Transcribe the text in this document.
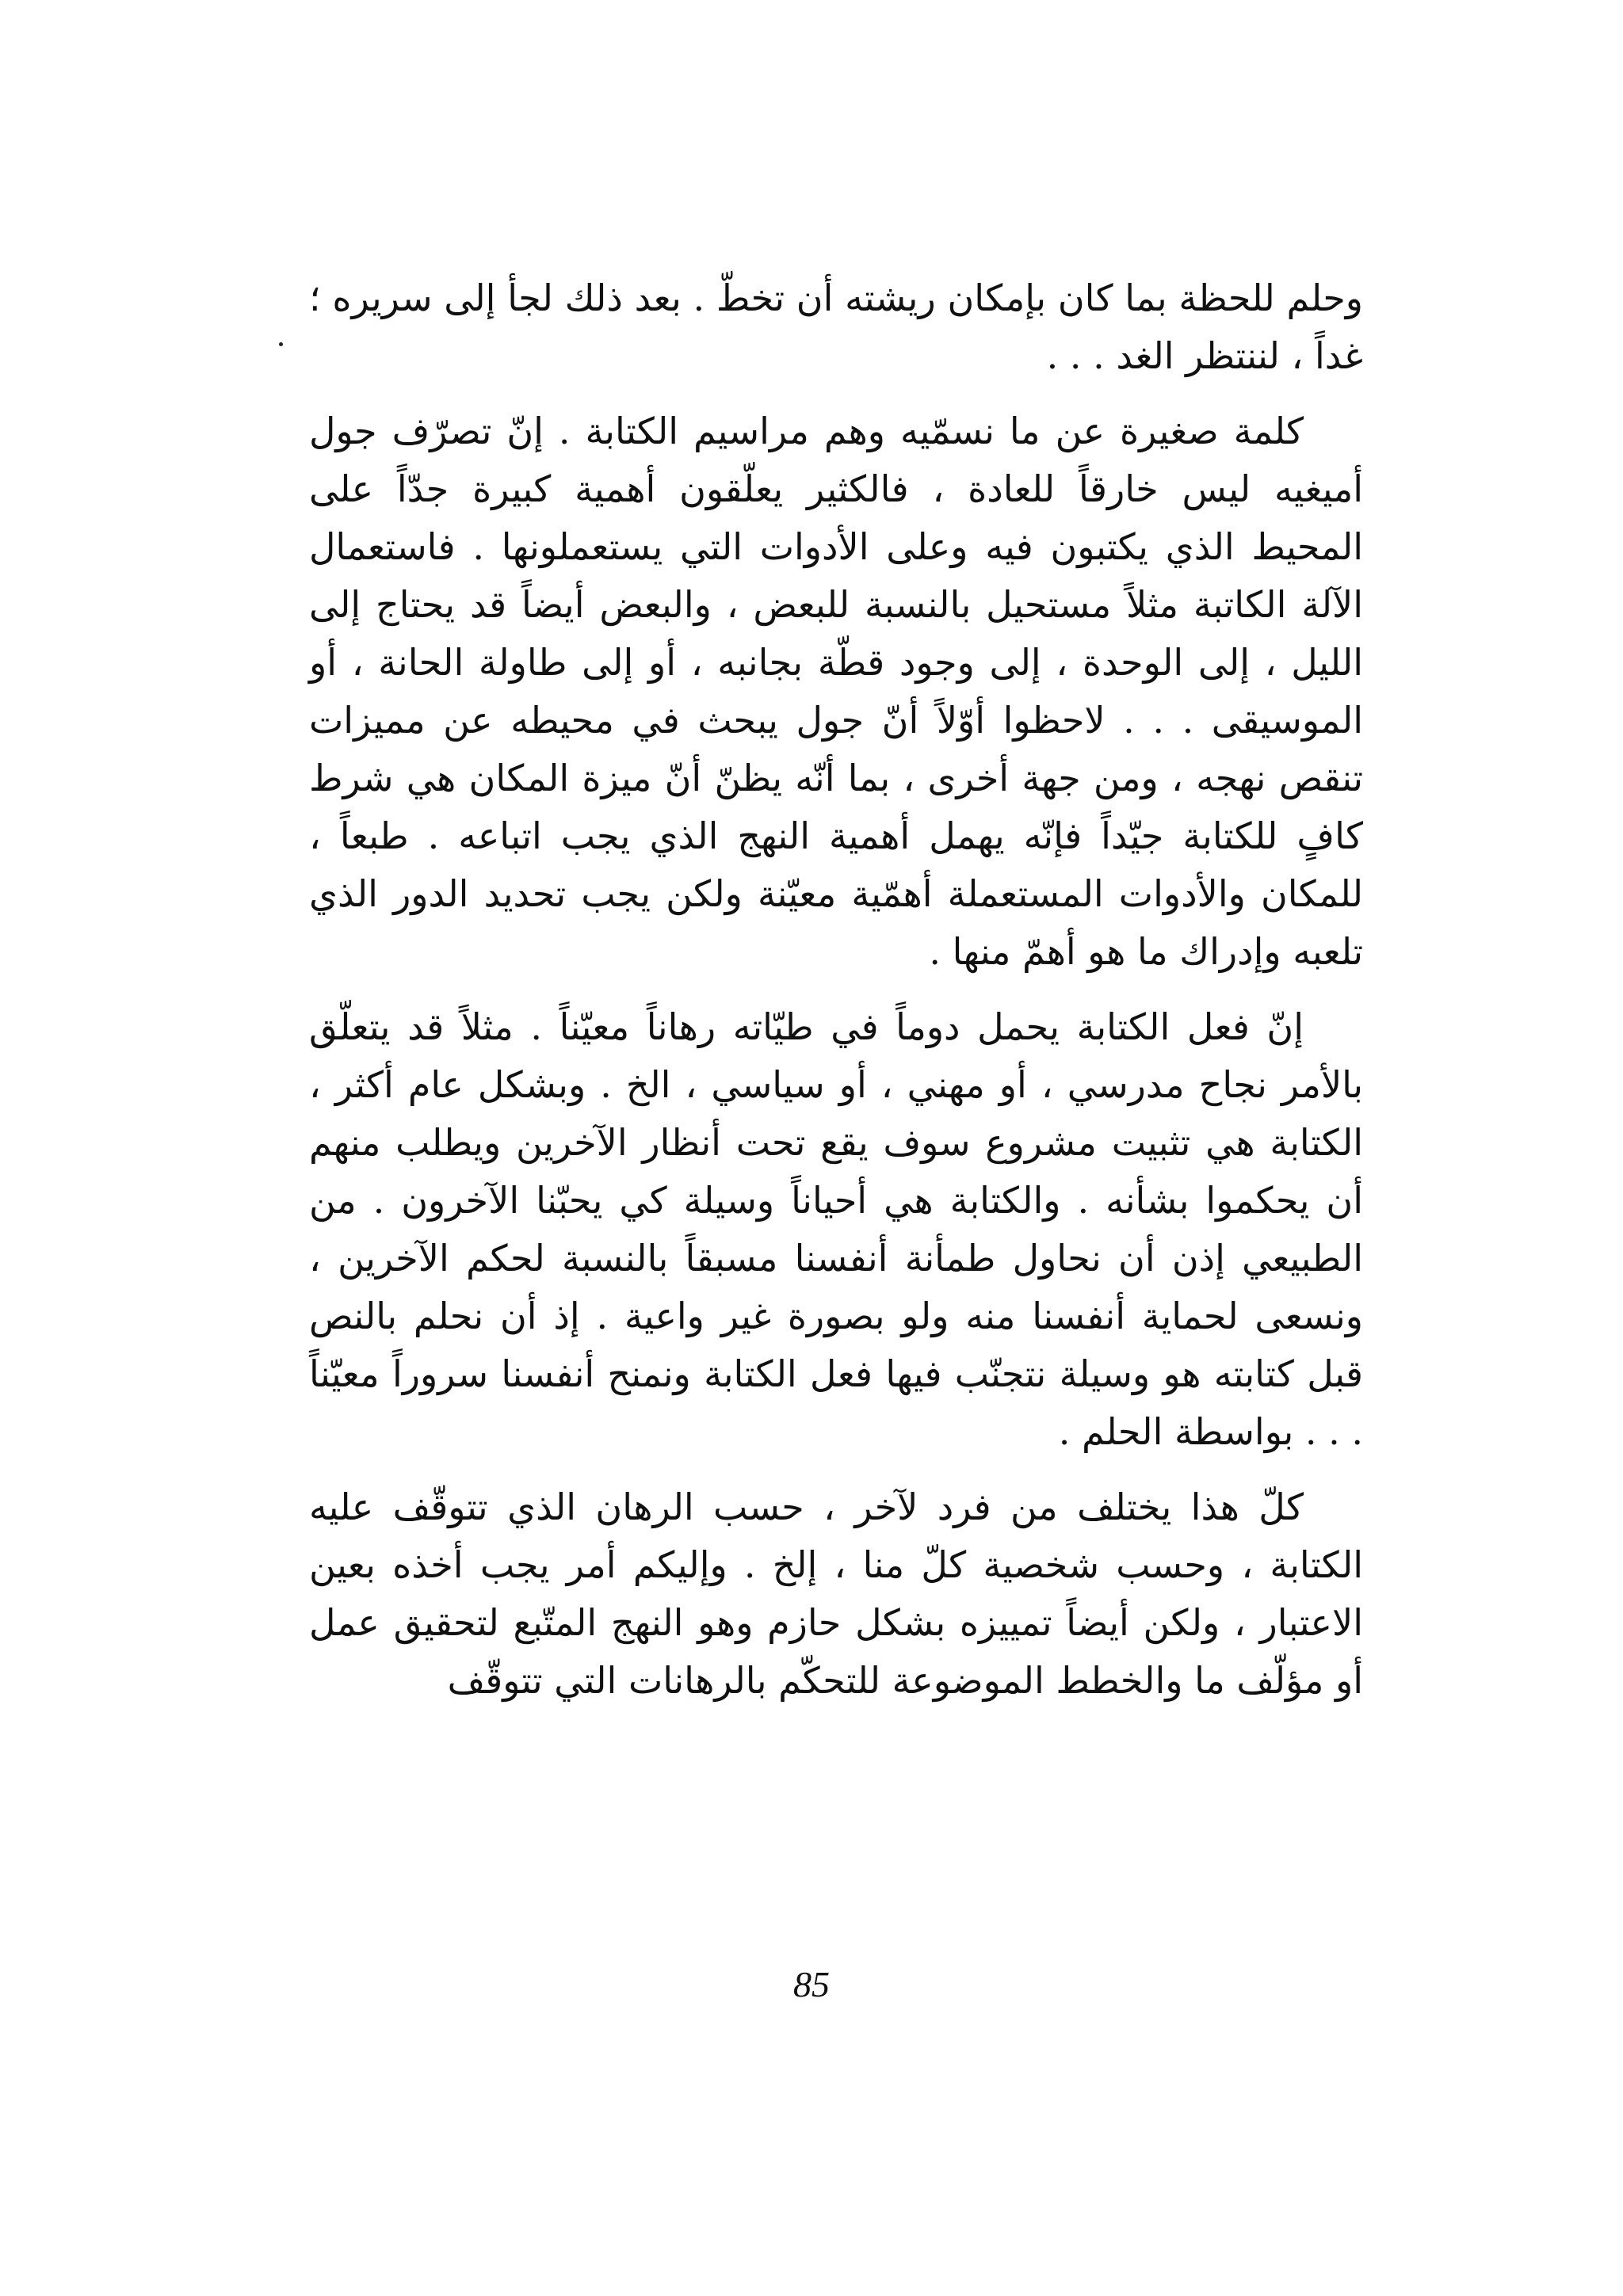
وحلم للحظة بما كان بإمكان ريشته أن تخطّ . بعد ذلك لجأ إلى سريره ؛ غداً ، لننتظر الغد . . .

كلمة صغيرة عن ما نسمّيه وهم مراسيم الكتابة . إنّ تصرّف جول أميغيه ليس خارقاً للعادة ، فالكثير يعلّقون أهمية كبيرة جدّاً على المحيط الذي يكتبون فيه وعلى الأدوات التي يستعملونها . فاستعمال الآلة الكاتبة مثلاً مستحيل بالنسبة للبعض ، والبعض أيضاً قد يحتاج إلى الليل ، إلى الوحدة ، إلى وجود قطّة بجانبه ، أو إلى طاولة الحانة ، أو الموسيقى . . . لاحظوا أوّلاً أنّ جول يبحث في محيطه عن مميزات تنقص نهجه ، ومن جهة أخرى ، بما أنّه يظنّ أنّ ميزة المكان هي شرط كافٍ للكتابة جيّداً فإنّه يهمل أهمية النهج الذي يجب اتباعه . طبعاً ، للمكان والأدوات المستعملة أهمّية معيّنة ولكن يجب تحديد الدور الذي تلعبه وإدراك ما هو أهمّ منها .

إنّ فعل الكتابة يحمل دوماً في طيّاته رهاناً معيّناً . مثلاً قد يتعلّق بالأمر نجاح مدرسي ، أو مهني ، أو سياسي ، الخ . وبشكل عام أكثر ، الكتابة هي تثبيت مشروع سوف يقع تحت أنظار الآخرين ويطلب منهم أن يحكموا بشأنه . والكتابة هي أحياناً وسيلة كي يحبّنا الآخرون . من الطبيعي إذن أن نحاول طمأنة أنفسنا مسبقاً بالنسبة لحكم الآخرين ، ونسعى لحماية أنفسنا منه ولو بصورة غير واعية . إذ أن نحلم بالنص قبل كتابته هو وسيلة نتجنّب فيها فعل الكتابة ونمنح أنفسنا سروراً معيّناً . . . بواسطة الحلم .

كلّ هذا يختلف من فرد لآخر ، حسب الرهان الذي تتوقّف عليه الكتابة ، وحسب شخصية كلّ منا ، إلخ . وإليكم أمر يجب أخذه بعين الاعتبار ، ولكن أيضاً تمييزه بشكل حازم وهو النهج المتّبع لتحقيق عمل أو مؤلّف ما والخطط الموضوعة للتحكّم بالرهانات التي تتوقّف

85
